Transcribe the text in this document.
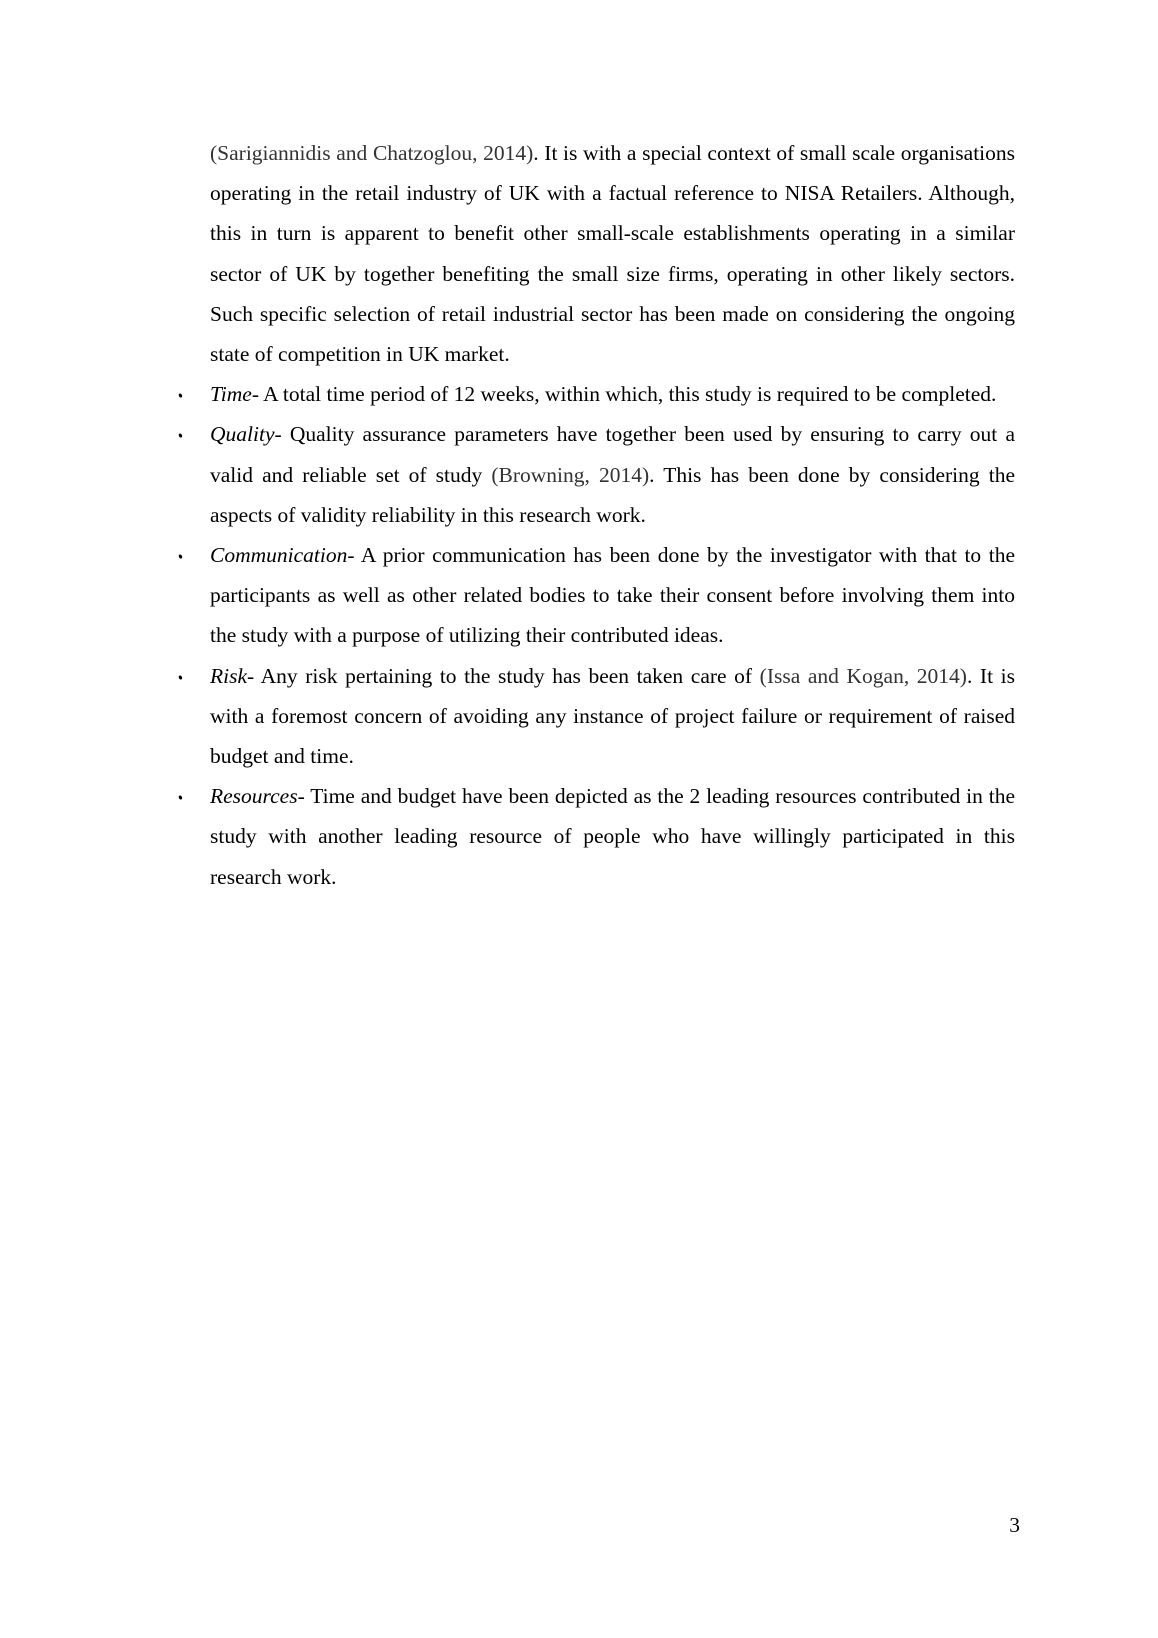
(Sarigiannidis and Chatzoglou, 2014). It is with a special context of small scale organisations operating in the retail industry of UK with a factual reference to NISA Retailers. Although, this in turn is apparent to benefit other small-scale establishments operating in a similar sector of UK by together benefiting the small size firms, operating in other likely sectors. Such specific selection of retail industrial sector has been made on considering the ongoing state of competition in UK market.

•	Time- A total time period of 12 weeks, within which, this study is required to be completed.
•	Quality- Quality assurance parameters have together been used by ensuring to carry out a valid and reliable set of study (Browning, 2014). This has been done by considering the aspects of validity reliability in this research work.
•	Communication- A prior communication has been done by the investigator with that to the participants as well as other related bodies to take their consent before involving them into the study with a purpose of utilizing their contributed ideas.
•	Risk- Any risk pertaining to the study has been taken care of (Issa and Kogan, 2014). It is with a foremost concern of avoiding any instance of project failure or requirement of raised budget and time.
•	Resources- Time and budget have been depicted as the 2 leading resources contributed in the study with another leading resource of people who have willingly participated in this research work.
3
